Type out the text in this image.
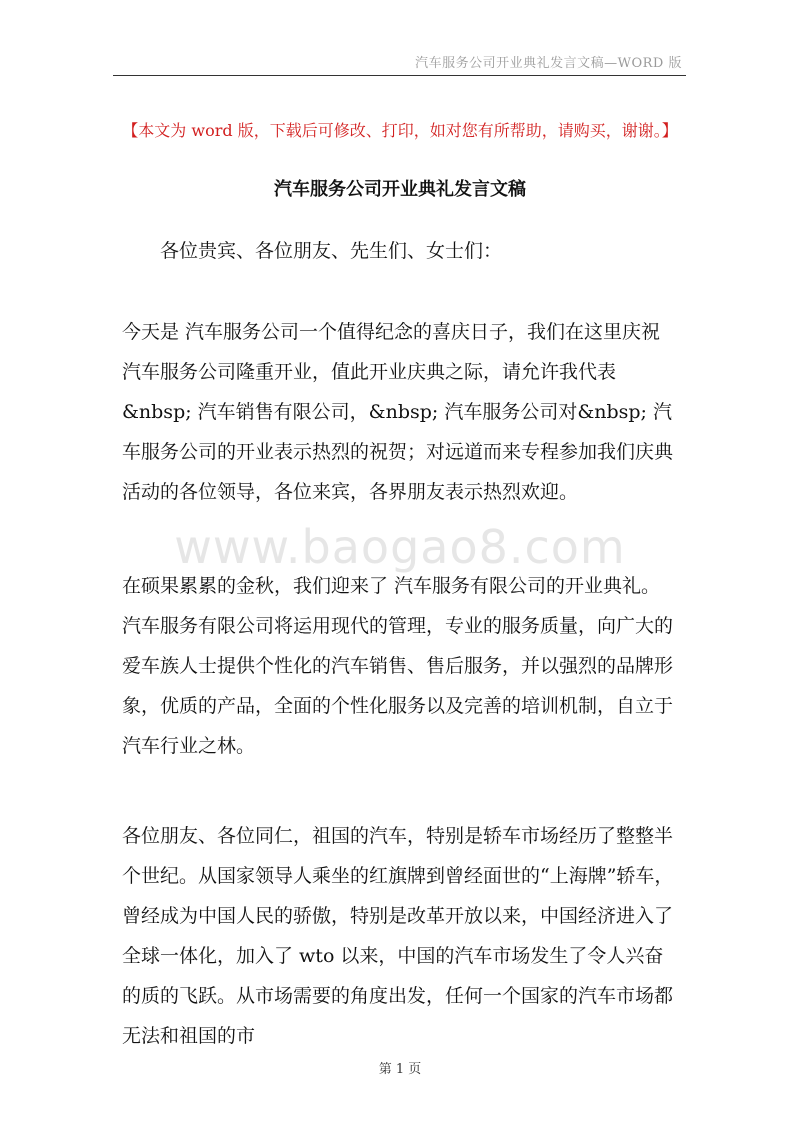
汽车服务公司开业典礼发言文稿—WORD 版
【本文为 word 版，下载后可修改、打印，如对您有所帮助，请购买，谢谢。】
汽车服务公司开业典礼发言文稿

各位贵宾、各位朋友、先生们、女士们：

今天是 汽车服务公司一个值得纪念的喜庆日子，我们在这里庆祝 汽车服务公司隆重开业，值此开业庆典之际，请允许我代表&nbsp; 汽车销售有限公司，&nbsp; 汽车服务公司对&nbsp; 汽车服务公司的开业表示热烈的祝贺；对远道而来专程参加我们庆典活动的各位领导，各位来宾，各界朋友表示热烈欢迎。

www.baogao8.com

在硕果累累的金秋，我们迎来了 汽车服务有限公司的开业典礼。 汽车服务有限公司将运用现代的管理，专业的服务质量，向广大的爱车族人士提供个性化的汽车销售、售后服务，并以强烈的品牌形象，优质的产品，全面的个性化服务以及完善的培训机制，自立于汽车行业之林。

各位朋友、各位同仁，祖国的汽车，特别是轿车市场经历了整整半个世纪。从国家领导人乘坐的红旗牌到曾经面世的“上海牌”轿车，曾经成为中国人民的骄傲，特别是改革开放以来，中国经济进入了全球一体化，加入了 wto 以来，中国的汽车市场发生了令人兴奋的质的飞跃。从市场需要的角度出发，任何一个国家的汽车市场都无法和祖国的市

第 1 页
